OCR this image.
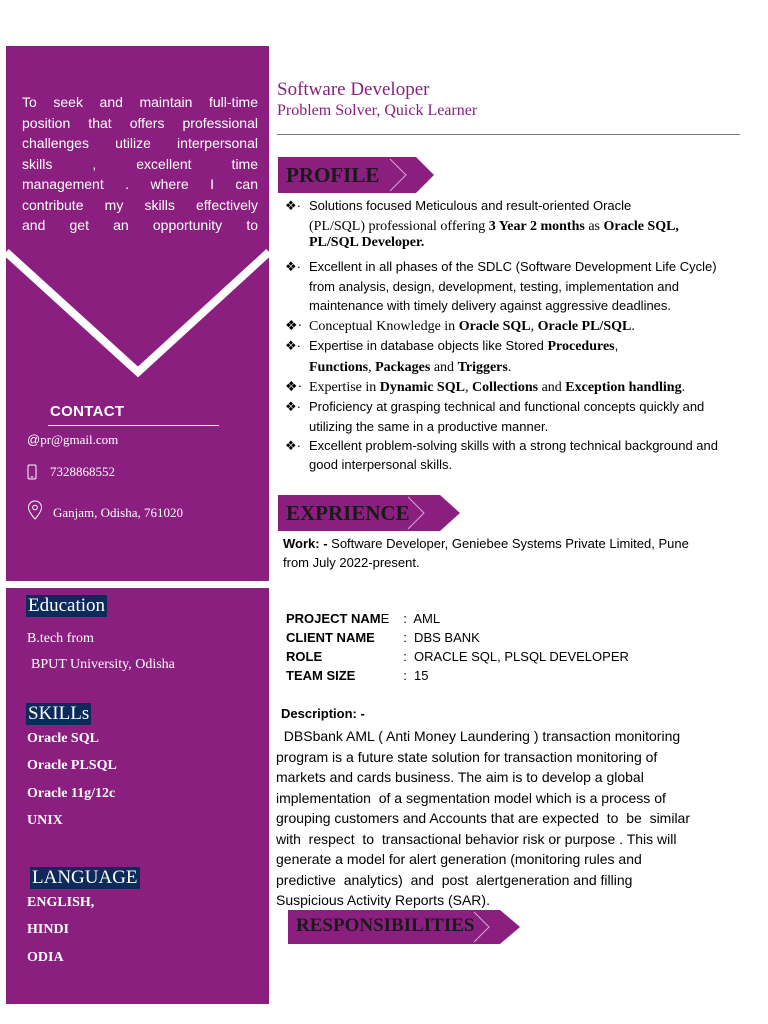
To seek and maintain full-time

position that offers professional

challenges utilize interpersonal

skills , excellent time

management . where I can

contribute my skills effectively

and get an opportunity to

CONTACT
@pr@gmail.com
7328868552
Ganjam, Odisha, 761020
Education
B.tech from
BPUT University, Odisha
SKILLs
Oracle SQL
Oracle PLSQL
Oracle 11g/12c
UNIX
LANGUAGE
ENGLISH,
HINDI
ODIA
Software Developer
Problem Solver, Quick Learner
PROFILE
❖· Solutions focused Meticulous and result-oriented Oracle
(PL/SQL) professional offering 3 Year 2 months as Oracle SQL,
PL/SQL Developer.
❖· Excellent in all phases of the SDLC (Software Development Life Cycle)
from analysis, design, development, testing, implementation and
maintenance with timely delivery against aggressive deadlines.
❖· Conceptual Knowledge in Oracle SQL, Oracle PL/SQL.
❖· Expertise in database objects like Stored Procedures,
Functions, Packages and Triggers.
❖· Expertise in Dynamic SQL, Collections and Exception handling.
❖· Proficiency at grasping technical and functional concepts quickly and
utilizing the same in a productive manner.
❖· Excellent problem-solving skills with a strong technical background and
good interpersonal skills.
EXPRIENCE
Work: - Software Developer, Geniebee Systems Private Limited, Pune
from July 2022-present.
PROJECT NAME :  AML
CLIENT NAME	:  DBS BANK
ROLE	:  ORACLE SQL, PLSQL DEVELOPER
TEAM SIZE	:  15
Description: -

DBSbank AML ( Anti Money Laundering ) transaction monitoring

program is a future state solution for transaction monitoring of

markets and cards business. The aim is to develop a global

implementation  of a segmentation model which is a process of

grouping customers and Accounts that are expected  to  be  similar

with  respect  to  transactional behavior risk or purpose . This will

generate a model for alert generation (monitoring rules and

predictive  analytics)  and  post  alertgeneration and filling

Suspicious Activity Reports (SAR).

RESPONSIBILITIES
